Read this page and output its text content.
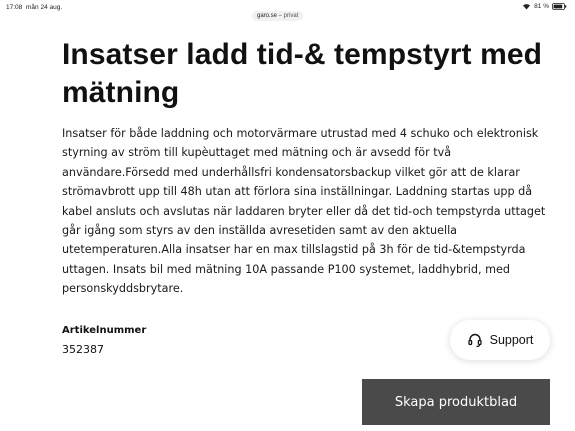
17:08 mån 24 aug.	81 %
garo.se – privat
Insatser ladd tid-& tempstyrt med mätning

Insatser för både laddning och motorvärmare utrustad med 4 schuko och elektronisk styrning av ström till kupèuttaget med mätning och är avsedd för två användare.Försedd med underhållsfri kondensatorsbackup vilket gör att de klarar strömavbrott upp till 48h utan att förlora sina inställningar. Laddning startas upp då kabel ansluts och avslutas när laddaren bryter eller då det tid-och tempstyrda uttaget går igång som styrs av den inställda avresetiden samt av den aktuella utetemperaturen.Alla insatser har en max tillslagstid på 3h för de tid-&tempstyrda uttagen. Insats bil med mätning 10A passande P100 systemet, laddhybrid, med personskyddsbrytare.

Artikelnummer
352387
Support
Skapa produktblad
